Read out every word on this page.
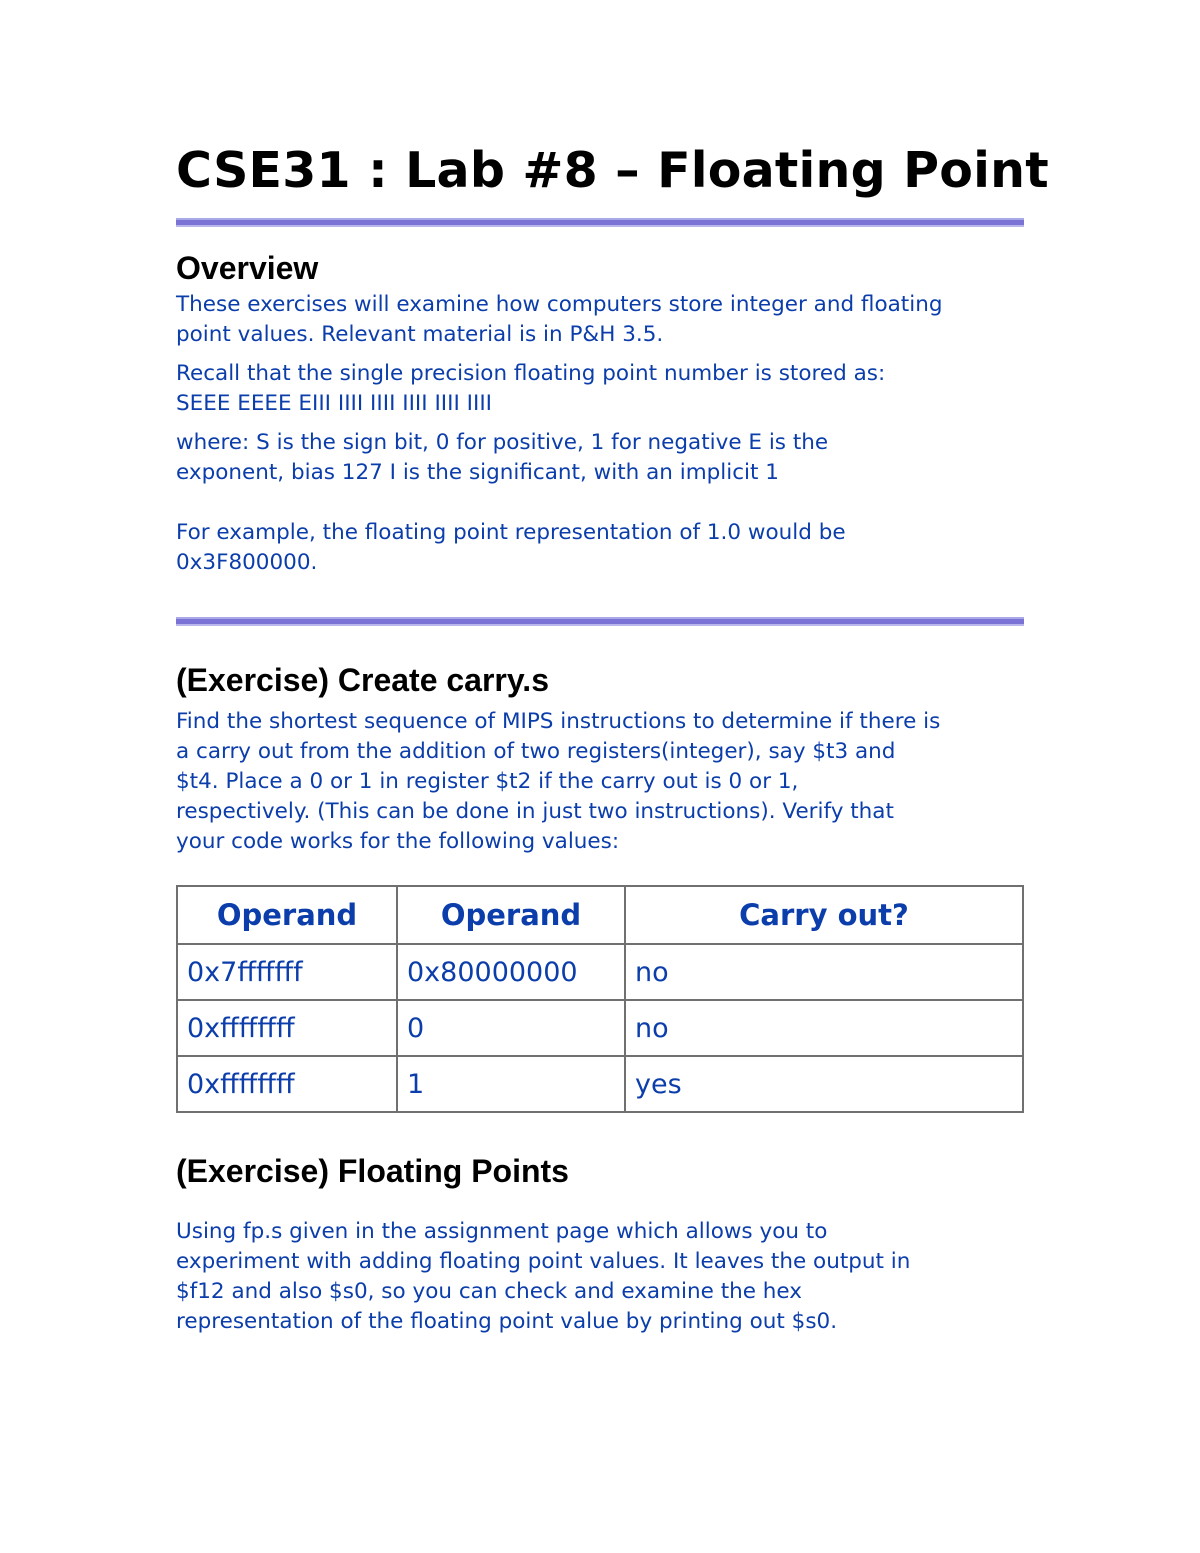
CSE31 : Lab #8 – Floating Point
Overview

These exercises will examine how computers store integer and floating
point values. Relevant material is in P&H 3.5.

Recall that the single precision floating point number is stored as:
SEEE EEEE EIII IIII IIII IIII IIII IIII

where: S is the sign bit, 0 for positive, 1 for negative E is the
exponent, bias 127 I is the significant, with an implicit 1

For example, the floating point representation of 1.0 would be
0x3F800000.

(Exercise) Create carry.s

Find the shortest sequence of MIPS instructions to determine if there is
a carry out from the addition of two registers(integer), say $t3 and
$t4. Place a 0 or 1 in register $t2 if the carry out is 0 or 1,
respectively. (This can be done in just two instructions). Verify that
your code works for the following values:

Operand	Operand	Carry out?
0x7fffffff	0x80000000	no
0xffffffff	0	no
0xffffffff	1	yes
(Exercise) Floating Points

Using fp.s given in the assignment page which allows you to
experiment with adding floating point values. It leaves the output in
$f12 and also $s0, so you can check and examine the hex
representation of the floating point value by printing out $s0.
